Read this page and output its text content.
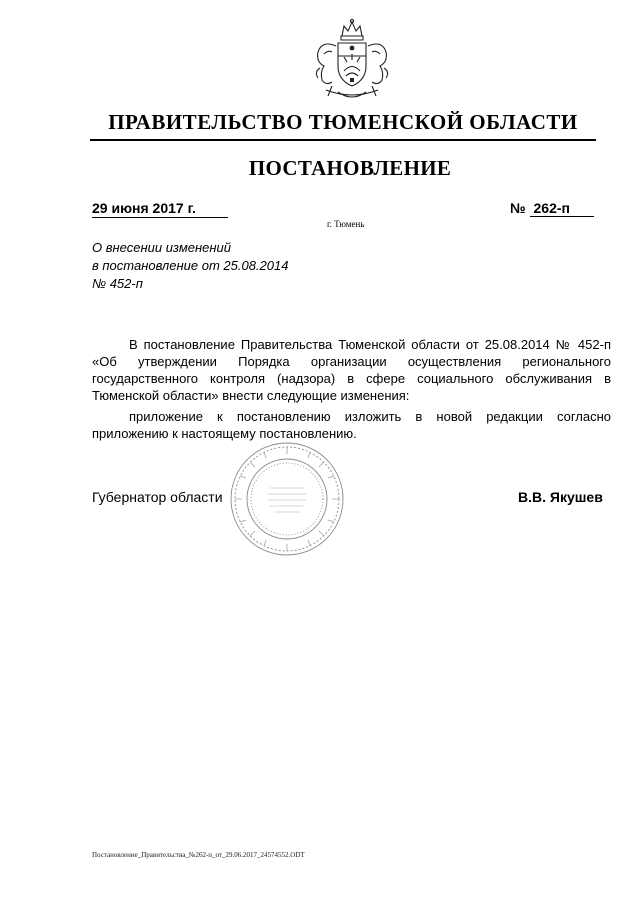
ПРАВИТЕЛЬСТВО ТЮМЕНСКОЙ ОБЛАСТИ
ПОСТАНОВЛЕНИЕ
29 июня 2017 г.	№ 262-п
г. Тюмень
О внесении изменений
в постановление от 25.08.2014
№ 452-п

В постановление Правительства Тюменской области от 25.08.2014 № 452-п «Об утверждении Порядка организации осуществления регионального государственного контроля (надзора) в сфере социального обслуживания в Тюменской области» внести следующие изменения:

приложение к постановлению изложить в новой редакции согласно приложению к настоящему постановлению.

Губернатор области	В.В. Якушев
Постановление_Правительства_№262-п_от_29.06.2017_24574552.ODT
